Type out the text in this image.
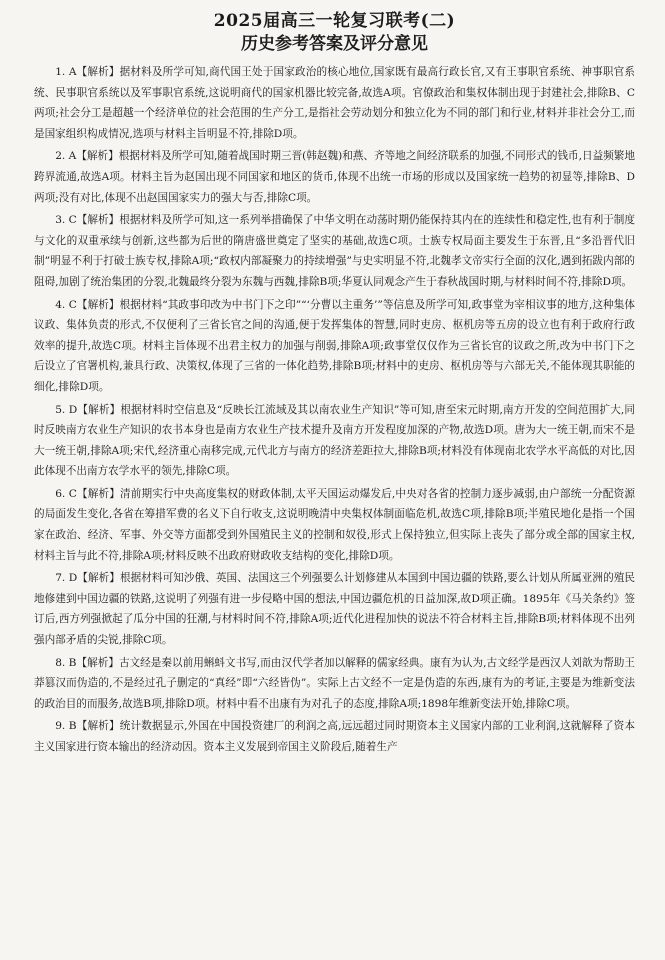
2025届高三一轮复习联考(二)
历史参考答案及评分意见

1. A【解析】据材料及所学可知,商代国王处于国家政治的核心地位,国家既有最高行政长官,又有王事职官系统、神事职官系统、民事职官系统以及军事职官系统,这说明商代的国家机器比较完备,故选A项。官僚政治和集权体制出现于封建社会,排除B、C两项;社会分工是超越一个经济单位的社会范围的生产分工,是指社会劳动划分和独立化为不同的部门和行业,材料并非社会分工,而是国家组织构成情况,选项与材料主旨明显不符,排除D项。

2. A【解析】根据材料及所学可知,随着战国时期三晋(韩赵魏)和燕、齐等地之间经济联系的加强,不同形式的钱币,日益频繁地跨界流通,故选A项。材料主旨为赵国出现不同国家和地区的货币,体现不出统一市场的形成以及国家统一趋势的初显等,排除B、D两项;没有对比,体现不出赵国国家实力的强大与否,排除C项。

3. C【解析】根据材料及所学可知,这一系列举措确保了中华文明在动荡时期仍能保持其内在的连续性和稳定性,也有利于制度与文化的双重承续与创新,这些都为后世的隋唐盛世奠定了坚实的基础,故选C项。士族专权局面主要发生于东晋,且“多沿晋代旧制”明显不利于打破士族专权,排除A项;“政权内部凝聚力的持续增强”与史实明显不符,北魏孝文帝实行全面的汉化,遇到拓跋内部的阻碍,加剧了统治集团的分裂,北魏最终分裂为东魏与西魏,排除B项;华夏认同观念产生于春秋战国时期,与材料时间不符,排除D项。

4. C【解析】根据材料“其政事印改为中书门下之印”“‘分曹以主重务’”等信息及所学可知,政事堂为宰相议事的地方,这种集体议政、集体负责的形式,不仅便利了三省长官之间的沟通,便于发挥集体的智慧,同时吏房、枢机房等五房的设立也有利于政府行政效率的提升,故选C项。材料主旨体现不出君主权力的加强与削弱,排除A项;政事堂仅仅作为三省长官的议政之所,改为中书门下之后设立了官署机构,兼具行政、决策权,体现了三省的一体化趋势,排除B项;材料中的吏房、枢机房等与六部无关,不能体现其职能的细化,排除D项。

5. D【解析】根据材料时空信息及“反映长江流域及其以南农业生产知识”等可知,唐至宋元时期,南方开发的空间范围扩大,同时反映南方农业生产知识的农书本身也是南方农业生产技术提升及南方开发程度加深的产物,故选D项。唐为大一统王朝,而宋不是大一统王朝,排除A项;宋代,经济重心南移完成,元代北方与南方的经济差距拉大,排除B项;材料没有体现南北农学水平高低的对比,因此体现不出南方农学水平的领先,排除C项。

6. C【解析】清前期实行中央高度集权的财政体制,太平天国运动爆发后,中央对各省的控制力逐步减弱,由户部统一分配资源的局面发生变化,各省在筹措军费的名义下自行收支,这说明晚清中央集权体制面临危机,故选C项,排除B项;半殖民地化是指一个国家在政治、经济、军事、外交等方面都受到外国殖民主义的控制和奴役,形式上保持独立,但实际上丧失了部分或全部的国家主权,材料主旨与此不符,排除A项;材料反映不出政府财政收支结构的变化,排除D项。

7. D【解析】根据材料可知沙俄、英国、法国这三个列强要么计划修建从本国到中国边疆的铁路,要么计划从所属亚洲的殖民地修建到中国边疆的铁路,这说明了列强有进一步侵略中国的想法,中国边疆危机的日益加深,故D项正确。1895年《马关条约》签订后,西方列强掀起了瓜分中国的狂潮,与材料时间不符,排除A项;近代化进程加快的说法不符合材料主旨,排除B项;材料体现不出列强内部矛盾的尖锐,排除C项。

8. B【解析】古文经是秦以前用蝌蚪文书写,而由汉代学者加以解释的儒家经典。康有为认为,古文经学是西汉人刘歆为帮助王莽篡汉而伪造的,不是经过孔子删定的“真经”即“六经皆伪”。实际上古文经不一定是伪造的东西,康有为的考证,主要是为维新变法的政治目的而服务,故选B项,排除D项。材料中看不出康有为对孔子的态度,排除A项;1898年维新变法开始,排除C项。

9. B【解析】统计数据显示,外国在中国投资建厂的利润之高,远远超过同时期资本主义国家内部的工业利润,这就解释了资本主义国家进行资本输出的经济动因。资本主义发展到帝国主义阶段后,随着生产
